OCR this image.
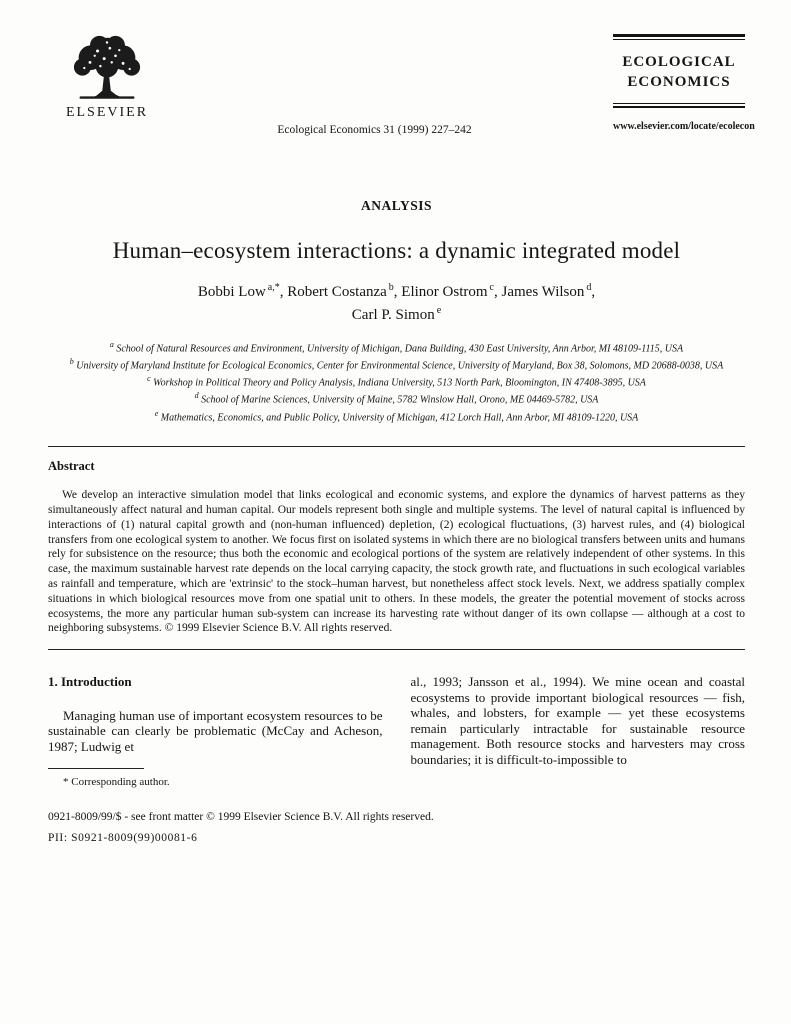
ELSEVIER
Ecological Economics 31 (1999) 227–242
ECOLOGICAL
ECONOMICS
www.elsevier.com/locate/ecolecon
ANALYSIS
Human–ecosystem interactions: a dynamic integrated model
Bobbi Low $^{a,*}$, Robert Costanza $^b$, Elinor Ostrom $^c$, James Wilson $^d$,
Carl P. Simon $^e$
$^a$ School of Natural Resources and Environment, University of Michigan, Dana Building, 430 East University, Ann Arbor, MI 48109-1115, USA
$^b$ University of Maryland Institute for Ecological Economics, Center for Environmental Science, University of Maryland, Box 38, Solomons, MD 20688-0038, USA
$^c$ Workshop in Political Theory and Policy Analysis, Indiana University, 513 North Park, Bloomington, IN 47408-3895, USA
$^d$ School of Marine Sciences, University of Maine, 5782 Winslow Hall, Orono, ME 04469-5782, USA
$^e$ Mathematics, Economics, and Public Policy, University of Michigan, 412 Lorch Hall, Ann Arbor, MI 48109-1220, USA
Abstract
We develop an interactive simulation model that links ecological and economic systems, and explore the dynamics of harvest patterns as they simultaneously affect natural and human capital. Our models represent both single and multiple systems. The level of natural capital is influenced by interactions of (1) natural capital growth and (non-human influenced) depletion, (2) ecological fluctuations, (3) harvest rules, and (4) biological transfers from one ecological system to another. We focus first on isolated systems in which there are no biological transfers between units and humans rely for subsistence on the resource; thus both the economic and ecological portions of the system are relatively independent of other systems. In this case, the maximum sustainable harvest rate depends on the local carrying capacity, the stock growth rate, and fluctuations in such ecological variables as rainfall and temperature, which are 'extrinsic' to the stock–human harvest, but nonetheless affect stock levels. Next, we address spatially complex situations in which biological resources move from one spatial unit to others. In these models, the greater the potential movement of stocks across ecosystems, the more any particular human sub-system can increase its harvesting rate without danger of its own collapse — although at a cost to neighboring subsystems. © 1999 Elsevier Science B.V. All rights reserved.
1. Introduction

Managing human use of important ecosystem resources to be sustainable can clearly be problematic (McCay and Acheson, 1987; Ludwig et

* Corresponding author.

al., 1993; Jansson et al., 1994). We mine ocean and coastal ecosystems to provide important biological resources — fish, whales, and lobsters, for example — yet these ecosystems remain particularly intractable for sustainable resource management. Both resource stocks and harvesters may cross boundaries; it is difficult-to-impossible to

0921-8009/99/$ - see front matter © 1999 Elsevier Science B.V. All rights reserved.
PII: S0921-8009(99)00081-6
